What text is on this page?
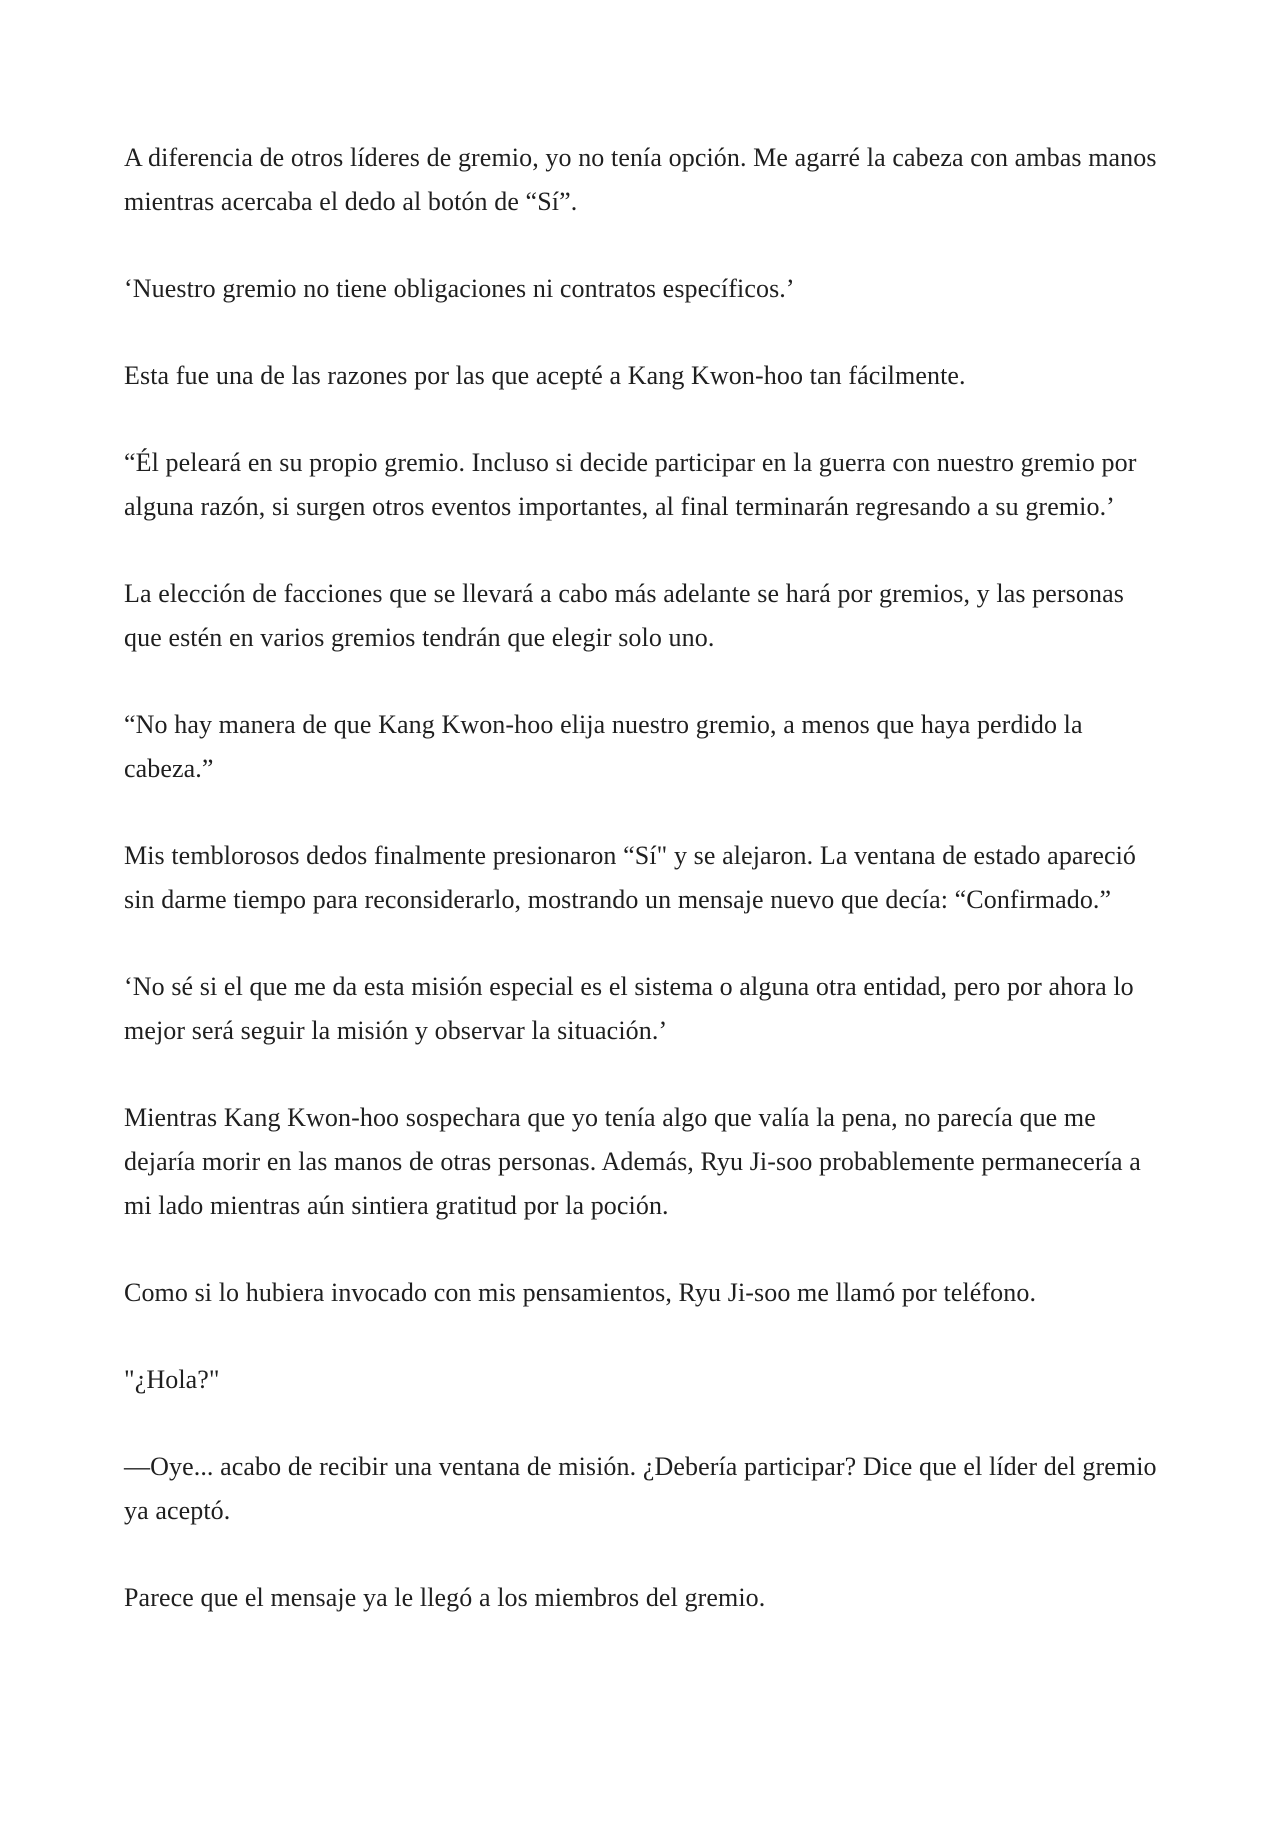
A diferencia de otros líderes de gremio, yo no tenía opción. Me agarré la cabeza con ambas manos mientras acercaba el dedo al botón de “Sí”.

‘Nuestro gremio no tiene obligaciones ni contratos específicos.’

Esta fue una de las razones por las que acepté a Kang Kwon-hoo tan fácilmente.

“Él peleará en su propio gremio. Incluso si decide participar en la guerra con nuestro gremio por alguna razón, si surgen otros eventos importantes, al final terminarán regresando a su gremio.’

La elección de facciones que se llevará a cabo más adelante se hará por gremios, y las personas que estén en varios gremios tendrán que elegir solo uno.

“No hay manera de que Kang Kwon-hoo elija nuestro gremio, a menos que haya perdido la cabeza.”

Mis temblorosos dedos finalmente presionaron “Sí" y se alejaron. La ventana de estado apareció sin darme tiempo para reconsiderarlo, mostrando un mensaje nuevo que decía: “Confirmado.”

‘No sé si el que me da esta misión especial es el sistema o alguna otra entidad, pero por ahora lo mejor será seguir la misión y observar la situación.’

Mientras Kang Kwon-hoo sospechara que yo tenía algo que valía la pena, no parecía que me dejaría morir en las manos de otras personas. Además, Ryu Ji-soo probablemente permanecería a mi lado mientras aún sintiera gratitud por la poción.

Como si lo hubiera invocado con mis pensamientos, Ryu Ji-soo me llamó por teléfono.

"¿Hola?"

—Oye... acabo de recibir una ventana de misión. ¿Debería participar? Dice que el líder del gremio ya aceptó.

Parece que el mensaje ya le llegó a los miembros del gremio.
